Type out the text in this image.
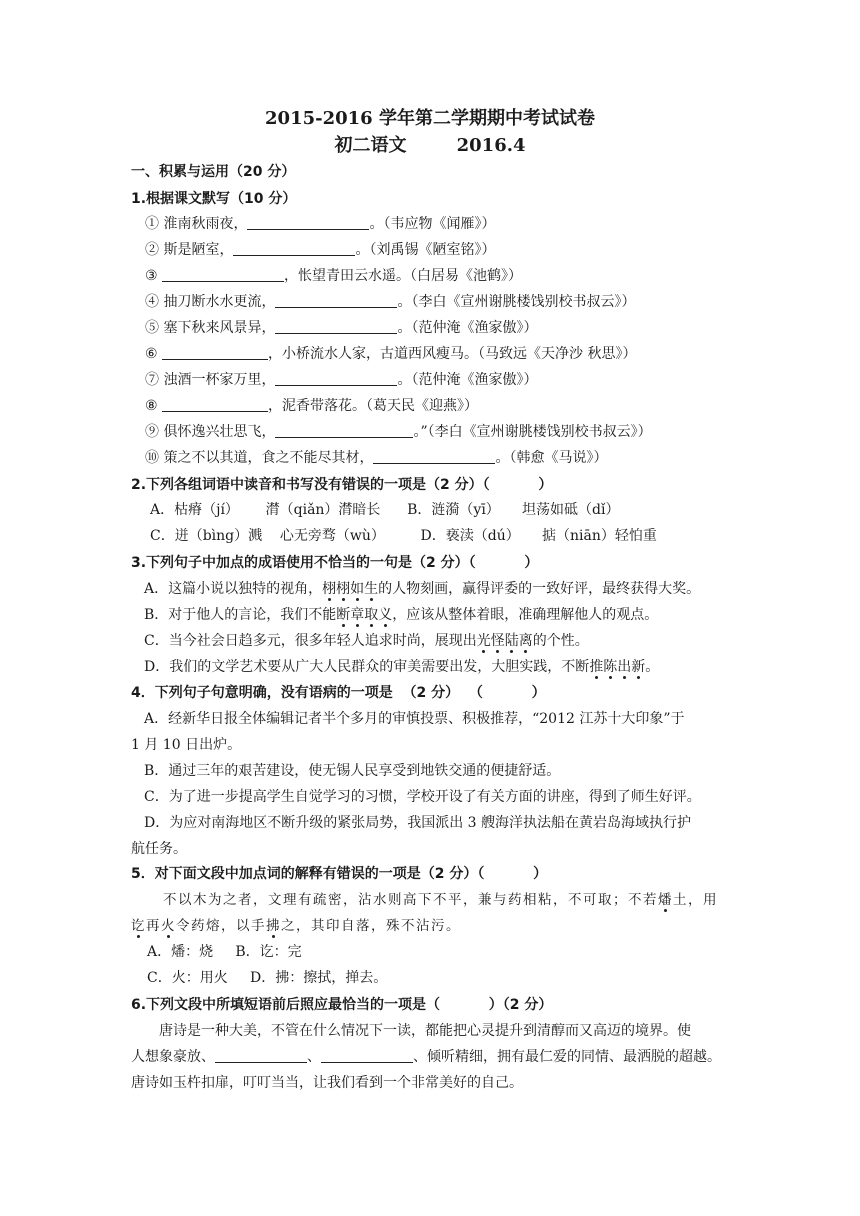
2015-2016 学年第二学期期中考试试卷
初二语文	2016.4
一、积累与运用（20 分）
1.根据课文默写（10 分）
① 淮南秋雨夜，	。（韦应物《闻雁》）
② 斯是陋室，	。（刘禹锡《陋室铭》）
③	，怅望青田云水遥。（白居易《池鹤》）
④ 抽刀断水水更流，	。（李白《宣州谢朓楼饯别校书叔云》）
⑤ 塞下秋来风景异，	。（范仲淹《渔家傲》）
⑥	，小桥流水人家，古道西风瘦马。（马致远《天净沙 秋思》）
⑦ 浊酒一杯家万里，	。（范仲淹《渔家傲》）
⑧	，泥香带落花。（葛天民《迎燕》）
⑨ 俱怀逸兴壮思飞，	。”（李白《宣州谢朓楼饯别校书叔云》）
⑩ 策之不以其道，食之不能尽其材，	。（韩愈《马说》）
2.下列各组词语中读音和书写没有错误的一项是（2 分）（          ）
A．枯瘠（jí）      潸（qiǎn）潸暗长      B．涟漪（yī）     坦荡如砥（dǐ）
C．迸（bìng）溅    心无旁骛（wù）        D．亵渎（dú）     掂（niān）轻怕重
3.下列句子中加点的成语使用不恰当的一句是（2 分）（          ）
A．这篇小说以独特的视角，栩栩如生的人物刻画，赢得评委的一致好评，最终获得大奖。
B．对于他人的言论，我们不能断章取义，应该从整体着眼，准确理解他人的观点。
C．当今社会日趋多元，很多年轻人追求时尚，展现出光怪陆离的个性。
D．我们的文学艺术要从广大人民群众的审美需要出发，大胆实践，不断推陈出新。
4．下列句子句意明确，没有语病的一项是  （2 分）  （          ）
A．经新华日报全体编辑记者半个多月的审慎投票、积极推荐，“2012 江苏十大印象”于
1 月 10 日出炉。
B．通过三年的艰苦建设，使无锡人民享受到地铁交通的便捷舒适。
C．为了进一步提高学生自觉学习的习惯，学校开设了有关方面的讲座，得到了师生好评。
D．为应对南海地区不断升级的紧张局势，我国派出 3 艘海洋执法船在黄岩岛海域执行护
航任务。
5．对下面文段中加点词的解释有错误的一项是（2 分）（          ）
不以木为之者，文理有疏密，沾水则高下不平，兼与药相粘，不可取；不若燔土，用
讫再火令药熔，以手拂之，其印自落，殊不沾污。
A．燔：烧 B．讫：完
C．火：用火 D．拂：擦拭，掸去。
6.下列文段中所填短语前后照应最恰当的一项是（          ）（2 分）
唐诗是一种大美，不管在什么情况下一读，都能把心灵提升到清醇而又高迈的境界。使
人想象豪放、	、	、倾听精细，拥有最仁爱的同情、最洒脱的超越。
唐诗如玉杵扣扉，叮叮当当，让我们看到一个非常美好的自己。
